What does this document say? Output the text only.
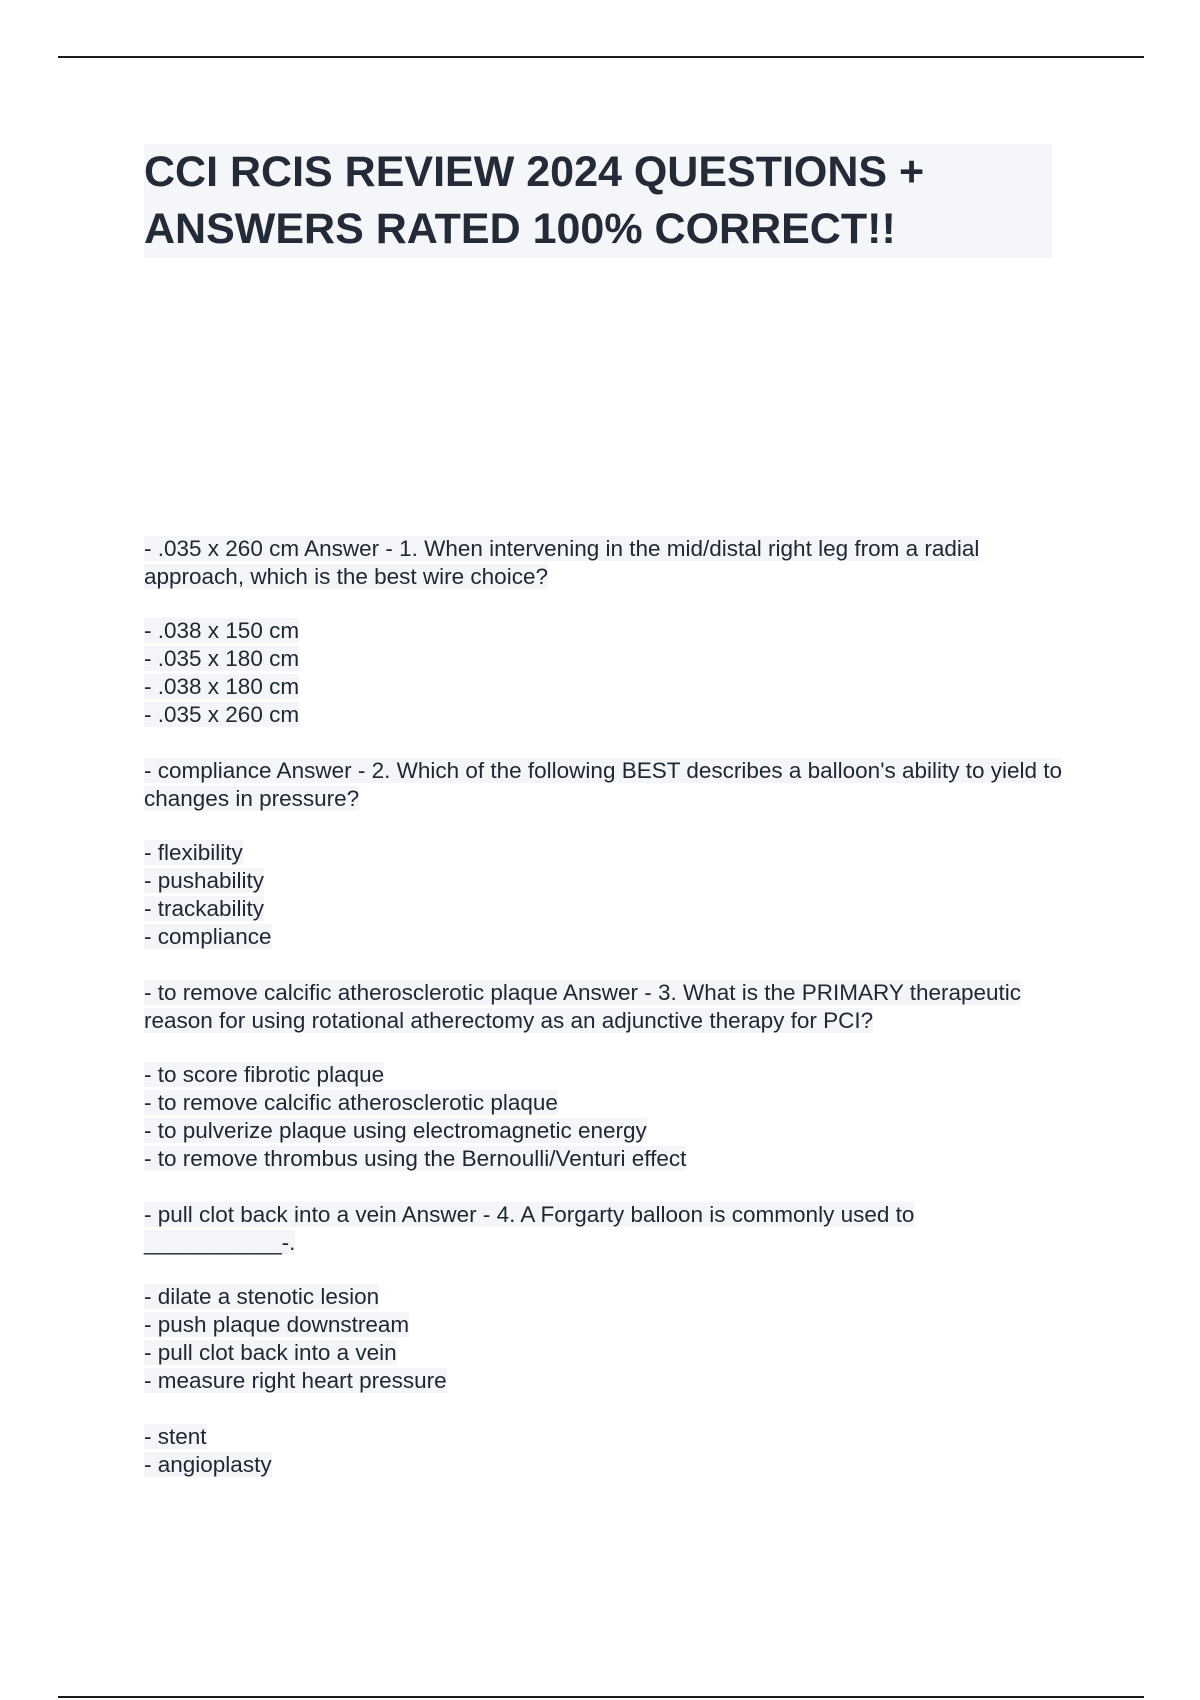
CCI RCIS REVIEW 2024 QUESTIONS +
ANSWERS RATED 100% CORRECT!!

- .035 x 260 cm Answer - 1. When intervening in the mid/distal right leg from a radial approach, which is the best wire choice?

- .038 x 150 cm

- .035 x 180 cm

- .038 x 180 cm

- .035 x 260 cm

- compliance Answer - 2. Which of the following BEST describes a balloon's ability to yield to changes in pressure?

- flexibility

- pushability

- trackability

- compliance

- to remove calcific atherosclerotic plaque Answer - 3. What is the PRIMARY therapeutic reason for using rotational atherectomy as an adjunctive therapy for PCI?

- to score fibrotic plaque

- to remove calcific atherosclerotic plaque

- to pulverize plaque using electromagnetic energy

- to remove thrombus using the Bernoulli/Venturi effect

- pull clot back into a vein Answer - 4. A Forgarty balloon is commonly used to ___________-.

- dilate a stenotic lesion

- push plaque downstream

- pull clot back into a vein

- measure right heart pressure

- stent

- angioplasty
